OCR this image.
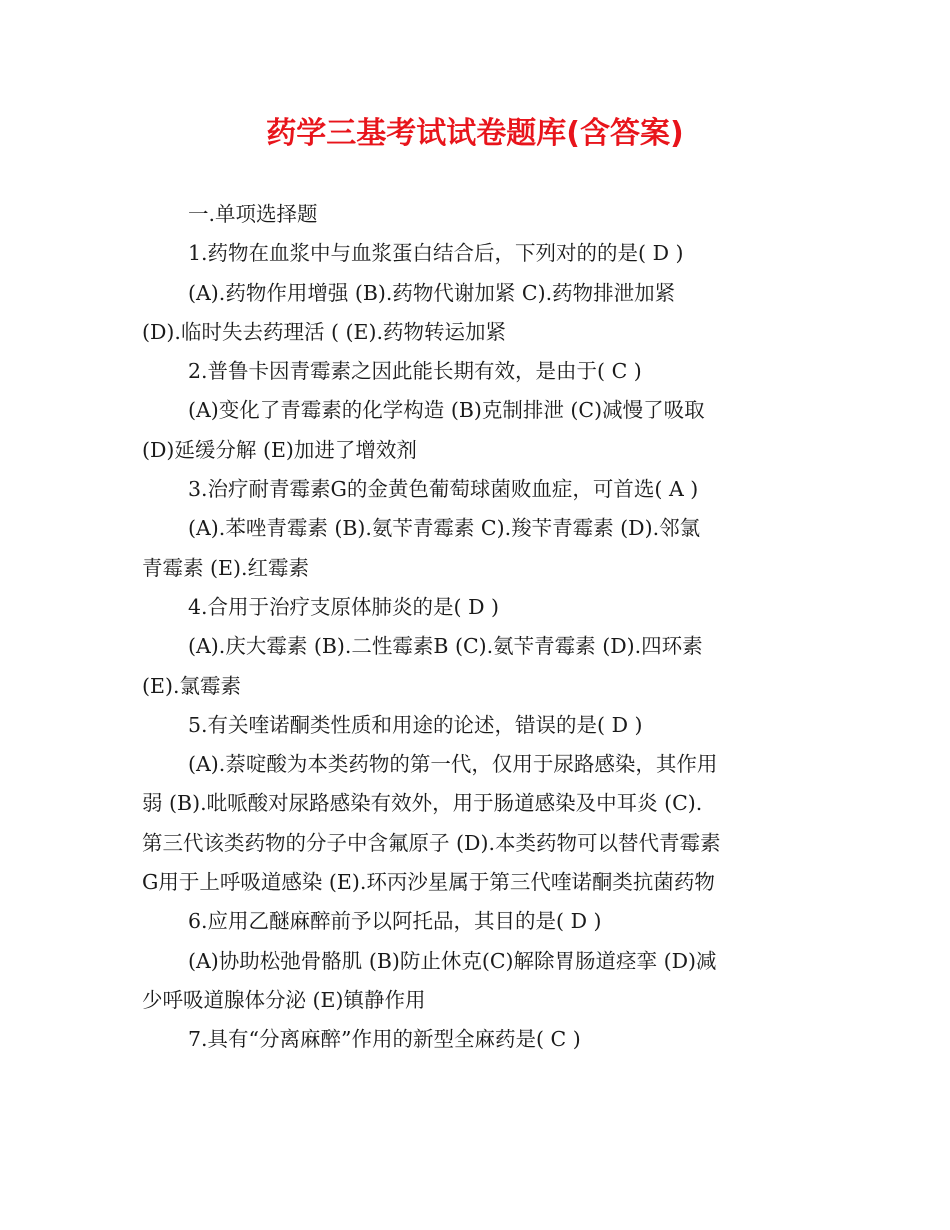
药学三基考试试卷题库(含答案)
一.单项选择题
1.药物在血浆中与血浆蛋白结合后，下列对的的是( D )
(A).药物作用增强 (B).药物代谢加紧 C).药物排泄加紧
(D).临时失去药理活 ( (E).药物转运加紧
2.普鲁卡因青霉素之因此能长期有效，是由于( C )
(A)变化了青霉素的化学构造 (B)克制排泄 (C)减慢了吸取
(D)延缓分解 (E)加进了增效剂
3.治疗耐青霉素G的金黄色葡萄球菌败血症，可首选( A )
(A).苯唑青霉素 (B).氨苄青霉素 C).羧苄青霉素 (D).邻氯
青霉素 (E).红霉素
4.合用于治疗支原体肺炎的是( D )
(A).庆大霉素 (B).二性霉素B (C).氨苄青霉素 (D).四环素
(E).氯霉素
5.有关喹诺酮类性质和用途的论述，错误的是( D )
(A).萘啶酸为本类药物的第一代，仅用于尿路感染，其作用
弱 (B).吡哌酸对尿路感染有效外，用于肠道感染及中耳炎 (C).
第三代该类药物的分子中含氟原子 (D).本类药物可以替代青霉素
G用于上呼吸道感染 (E).环丙沙星属于第三代喹诺酮类抗菌药物
6.应用乙醚麻醉前予以阿托品，其目的是( D )
(A)协助松弛骨骼肌 (B)防止休克(C)解除胃肠道痉挛 (D)减
少呼吸道腺体分泌 (E)镇静作用
7.具有“分离麻醉”作用的新型全麻药是( C )
